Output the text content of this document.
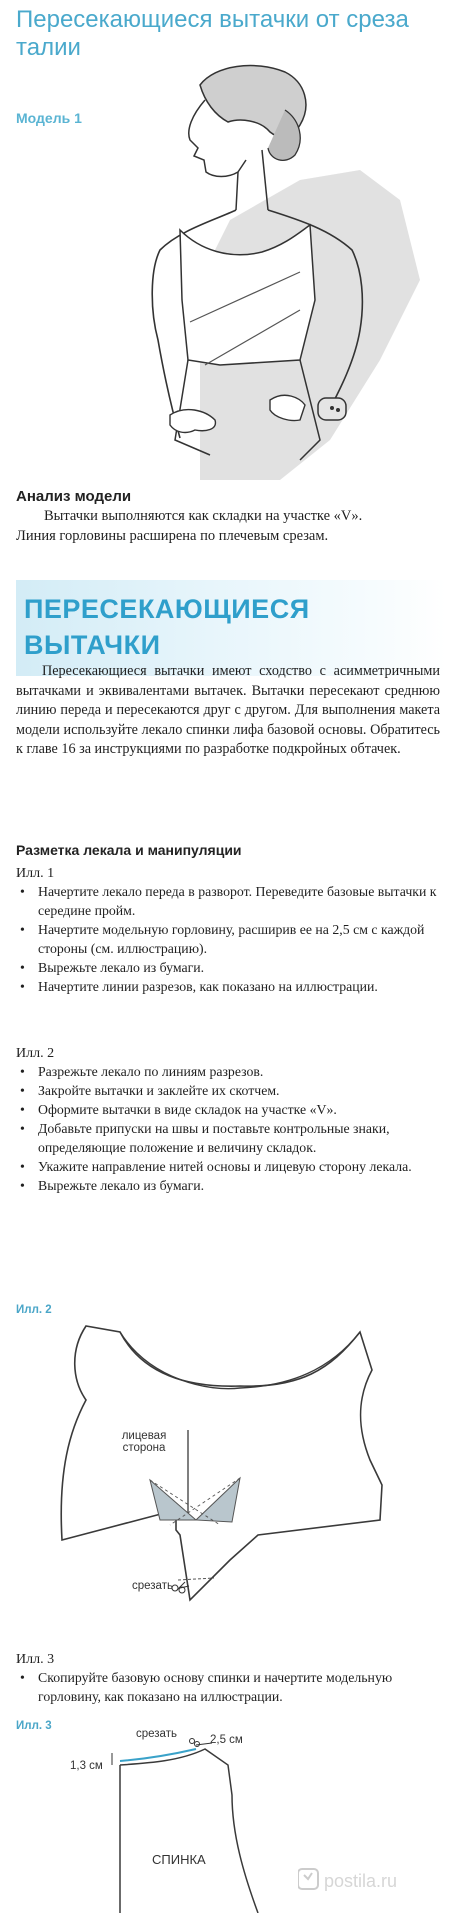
Пересекающиеся вытачки от среза талии
Модель 1
Анализ модели

Вытачки выполняются как складки на участке «V».

Линия горловины расширена по плечевым срезам.

ПЕРЕСЕКАЮЩИЕСЯ
ВЫТАЧКИ

Пересекающиеся вытачки имеют сходство с асимметричными вытачками и эквивалентами вытачек. Вытачки пересекают среднюю линию переда и пересекаются друг с другом. Для выполнения макета модели используйте лекало спинки лифа базовой основы. Обратитесь к главе 16 за инструкциями по разработке подкройных обтачек.

Разметка лекала и манипуляции
Илл. 1
• Начертите лекало переда в разворот. Переведите базовые вытачки к середине пройм.
• Начертите модельную горловину, расширив ее на 2,5 см с каждой стороны (см. иллюстрацию).
• Вырежьте лекало из бумаги.
• Начертите линии разрезов, как показано на иллюстрации.
Илл. 2
• Разрежьте лекало по линиям разрезов.
• Закройте вытачки и заклейте их скотчем.
• Оформите вытачки в виде складок на участке «V».
• Добавьте припуски на швы и поставьте контрольные знаки, определяющие положение и величину складок.
• Укажите направление нитей основы и лицевую сторону лекала.
• Вырежьте лекало из бумаги.
Илл. 2
лицевая
сторона
срезать
Илл. 3
• Скопируйте базовую основу спинки и начертите модельную горловину, как показано на иллюстрации.
Илл. 3
срезать
1,3 см
2,5 см
СПИНКА
postila.ru
